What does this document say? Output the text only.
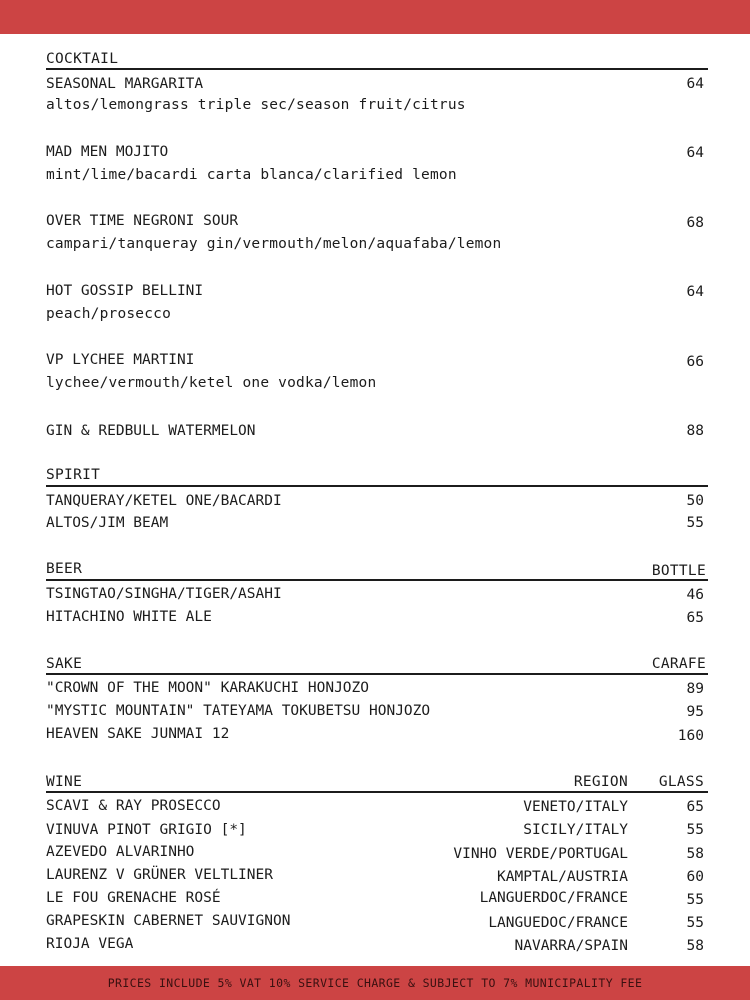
COCKTAIL
SEASONAL MARGARITA	64
altos/lemongrass triple sec/season fruit/citrus
MAD MEN MOJITO	64
mint/lime/bacardi carta blanca/clarified lemon
OVER TIME NEGRONI SOUR	68
campari/tanqueray gin/vermouth/melon/aquafaba/lemon
HOT GOSSIP BELLINI	64
peach/prosecco
VP LYCHEE MARTINI	66
lychee/vermouth/ketel one vodka/lemon
GIN & REDBULL WATERMELON	88
SPIRIT
TANQUERAY/KETEL ONE/BACARDI	50
ALTOS/JIM BEAM	55
BEER	BOTTLE
TSINGTAO/SINGHA/TIGER/ASAHI	46
HITACHINO WHITE ALE	65
SAKE	CARAFE
"CROWN OF THE MOON" KARAKUCHI HONJOZO	89
"MYSTIC MOUNTAIN" TATEYAMA TOKUBETSU HONJOZO	95
HEAVEN SAKE JUNMAI 12	160
WINE	REGION GLASS
SCAVI & RAY PROSECCO	VENETO/ITALY	65
VINUVA PINOT GRIGIO [*]	SICILY/ITALY	55
AZEVEDO ALVARINHO	VINHO VERDE/PORTUGAL	58
LAURENZ V GRÜNER VELTLINER	KAMPTAL/AUSTRIA	60
LE FOU GRENACHE ROSÉ	LANGUERDOC/FRANCE	55
GRAPESKIN CABERNET SAUVIGNON	LANGUEDOC/FRANCE	55
RIOJA VEGA	NAVARRA/SPAIN	58
PRICES INCLUDE 5% VAT 10% SERVICE CHARGE & SUBJECT TO 7% MUNICIPALITY FEE
